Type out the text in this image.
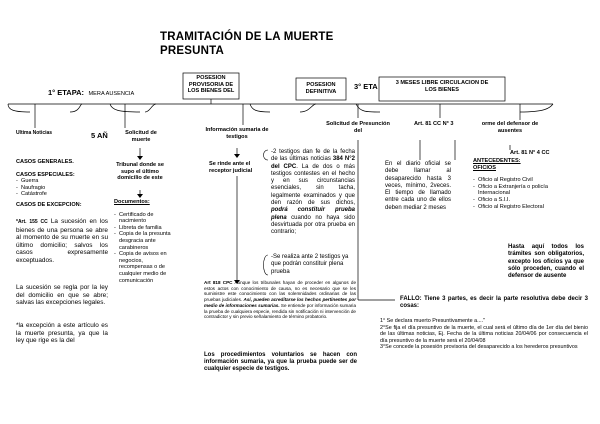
TRAMITACIÓN DE LA MUERTE
PRESUNTA
1° ETAPA: MERA AUSENCIA
POSESION PROVISORIA DE LOS BIENES DEL
POSESION DEFINITIVA
3° ETA	3 MESES LIBRE CIRCULACION DE LOS BIENES
Ultima Noticias	5 AÑ	Solicitud de muerte
Información sumaria de testigos
Solicitud de Presunción del
Art. 81 CC N° 3	orme del defensor de ausentes
Art. 81 N° 4 CC
CASOS GENERALES.
CASOS ESPECIALES:
- Guerra
- Naufragio
- Catástrofe
CASOS DE EXCEPCION:
*Art. 155 CC La sucesión en los bienes de una persona se abre al momento de su muerte en su último domicilio; salvos los casos expresamente exceptuados.
La sucesión se regla por la ley del domicilio en que se abre; salvas las excepciones legales.
*la excepción a este artículo es la muerte presunta, ya que la ley que rige es la del
Tribunal donde se supo el último domicilio de este
Documentos:
- Certificado de nacimiento
- Libreta de familia
- Copia de la presunta desgracia ante carabineros
- Copia de avisos en negocios, recompensas o de cualquier medio de comunicación
Se rinde ante el receptor judicial
-2 testigos dan fe de la fecha de las últimas noticias 384 N°2 del CPC. La de dos o más testigos contestes en el hecho y en sus circunstancias esenciales, sin tacha, legalmente examinados y que den razón de sus dichos, podrá constituir prueba plena cuando no haya sido desvirtuada por otra prueba en contrario;
-Se realiza ante 2 testigos ya que podrán constituir plena prueba
Art 818 CPC Aunque los tribunales hayan de proceder en algunos de estos actos con conocimiento de causa, no es necesario que se les suministre este conocimiento con las solemnidades ordinarias de las pruebas judiciales. Así, pueden acreditarse los hechos pertinentes por medio de informaciones sumarias. Se entiende por información sumaria la prueba de cualquiera especie, rendida sin notificación ni intervención de contradictor y sin previo señalamiento de término probatorio.
Los procedimientos voluntarios se hacen con información sumaria, ya que la prueba puede ser de cualquier especie de testigos.
En el diario oficial se debe llamar al desaparecido hasta 3 veces, mínimo, 2veces. El tiempo de llamado entre cada uno de ellos deben mediar 2 meses
ANTECEDENTES: OFICIOS
- Oficio al Registro Civil
- Oficio a Extranjería o policía Internacional
- Oficio a S.I.I.
- Oficio al Registro Electoral
Hasta aquí todos los trámites son obligatorios, excepto los oficios ya que sólo proceden, cuando el defensor de ausente
FALLO: Tiene 3 partes, es decir la parte resolutiva debe decir 3 cosas:
1° Se declara muerto Presuntivamente a...."
2°Se fija el día presuntivo de la muerte, el cual será el último día de 1er día del bienio de las últimas noticias, Ej. Fecha de la última noticias 20/04/06 por consecuencia el día presuntivo de la muerte será el 20/04/08
3°Se concede la posesión provisoria del desaparecido a los herederos presuntivos
